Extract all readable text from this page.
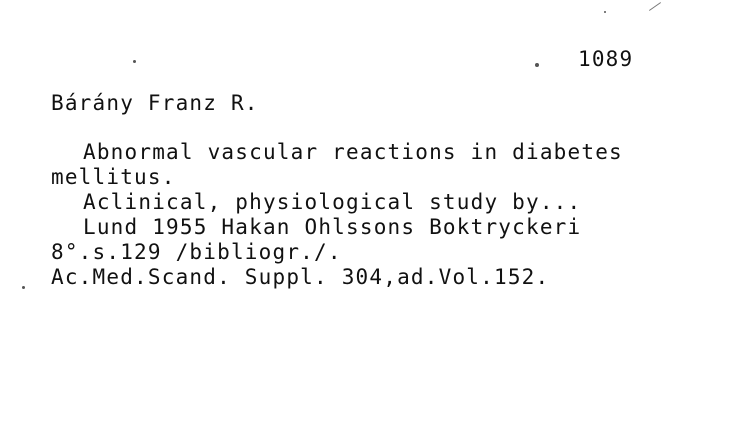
1089
Bárány Franz R.
Abnormal vascular reactions in diabetes
mellitus.
Aclinical, physiological study by...
Lund 1955 Hakan Ohlssons Boktryckeri
8°.s.129 /bibliogr./.
Ac.Med.Scand. Suppl. 304,ad.Vol.152.
